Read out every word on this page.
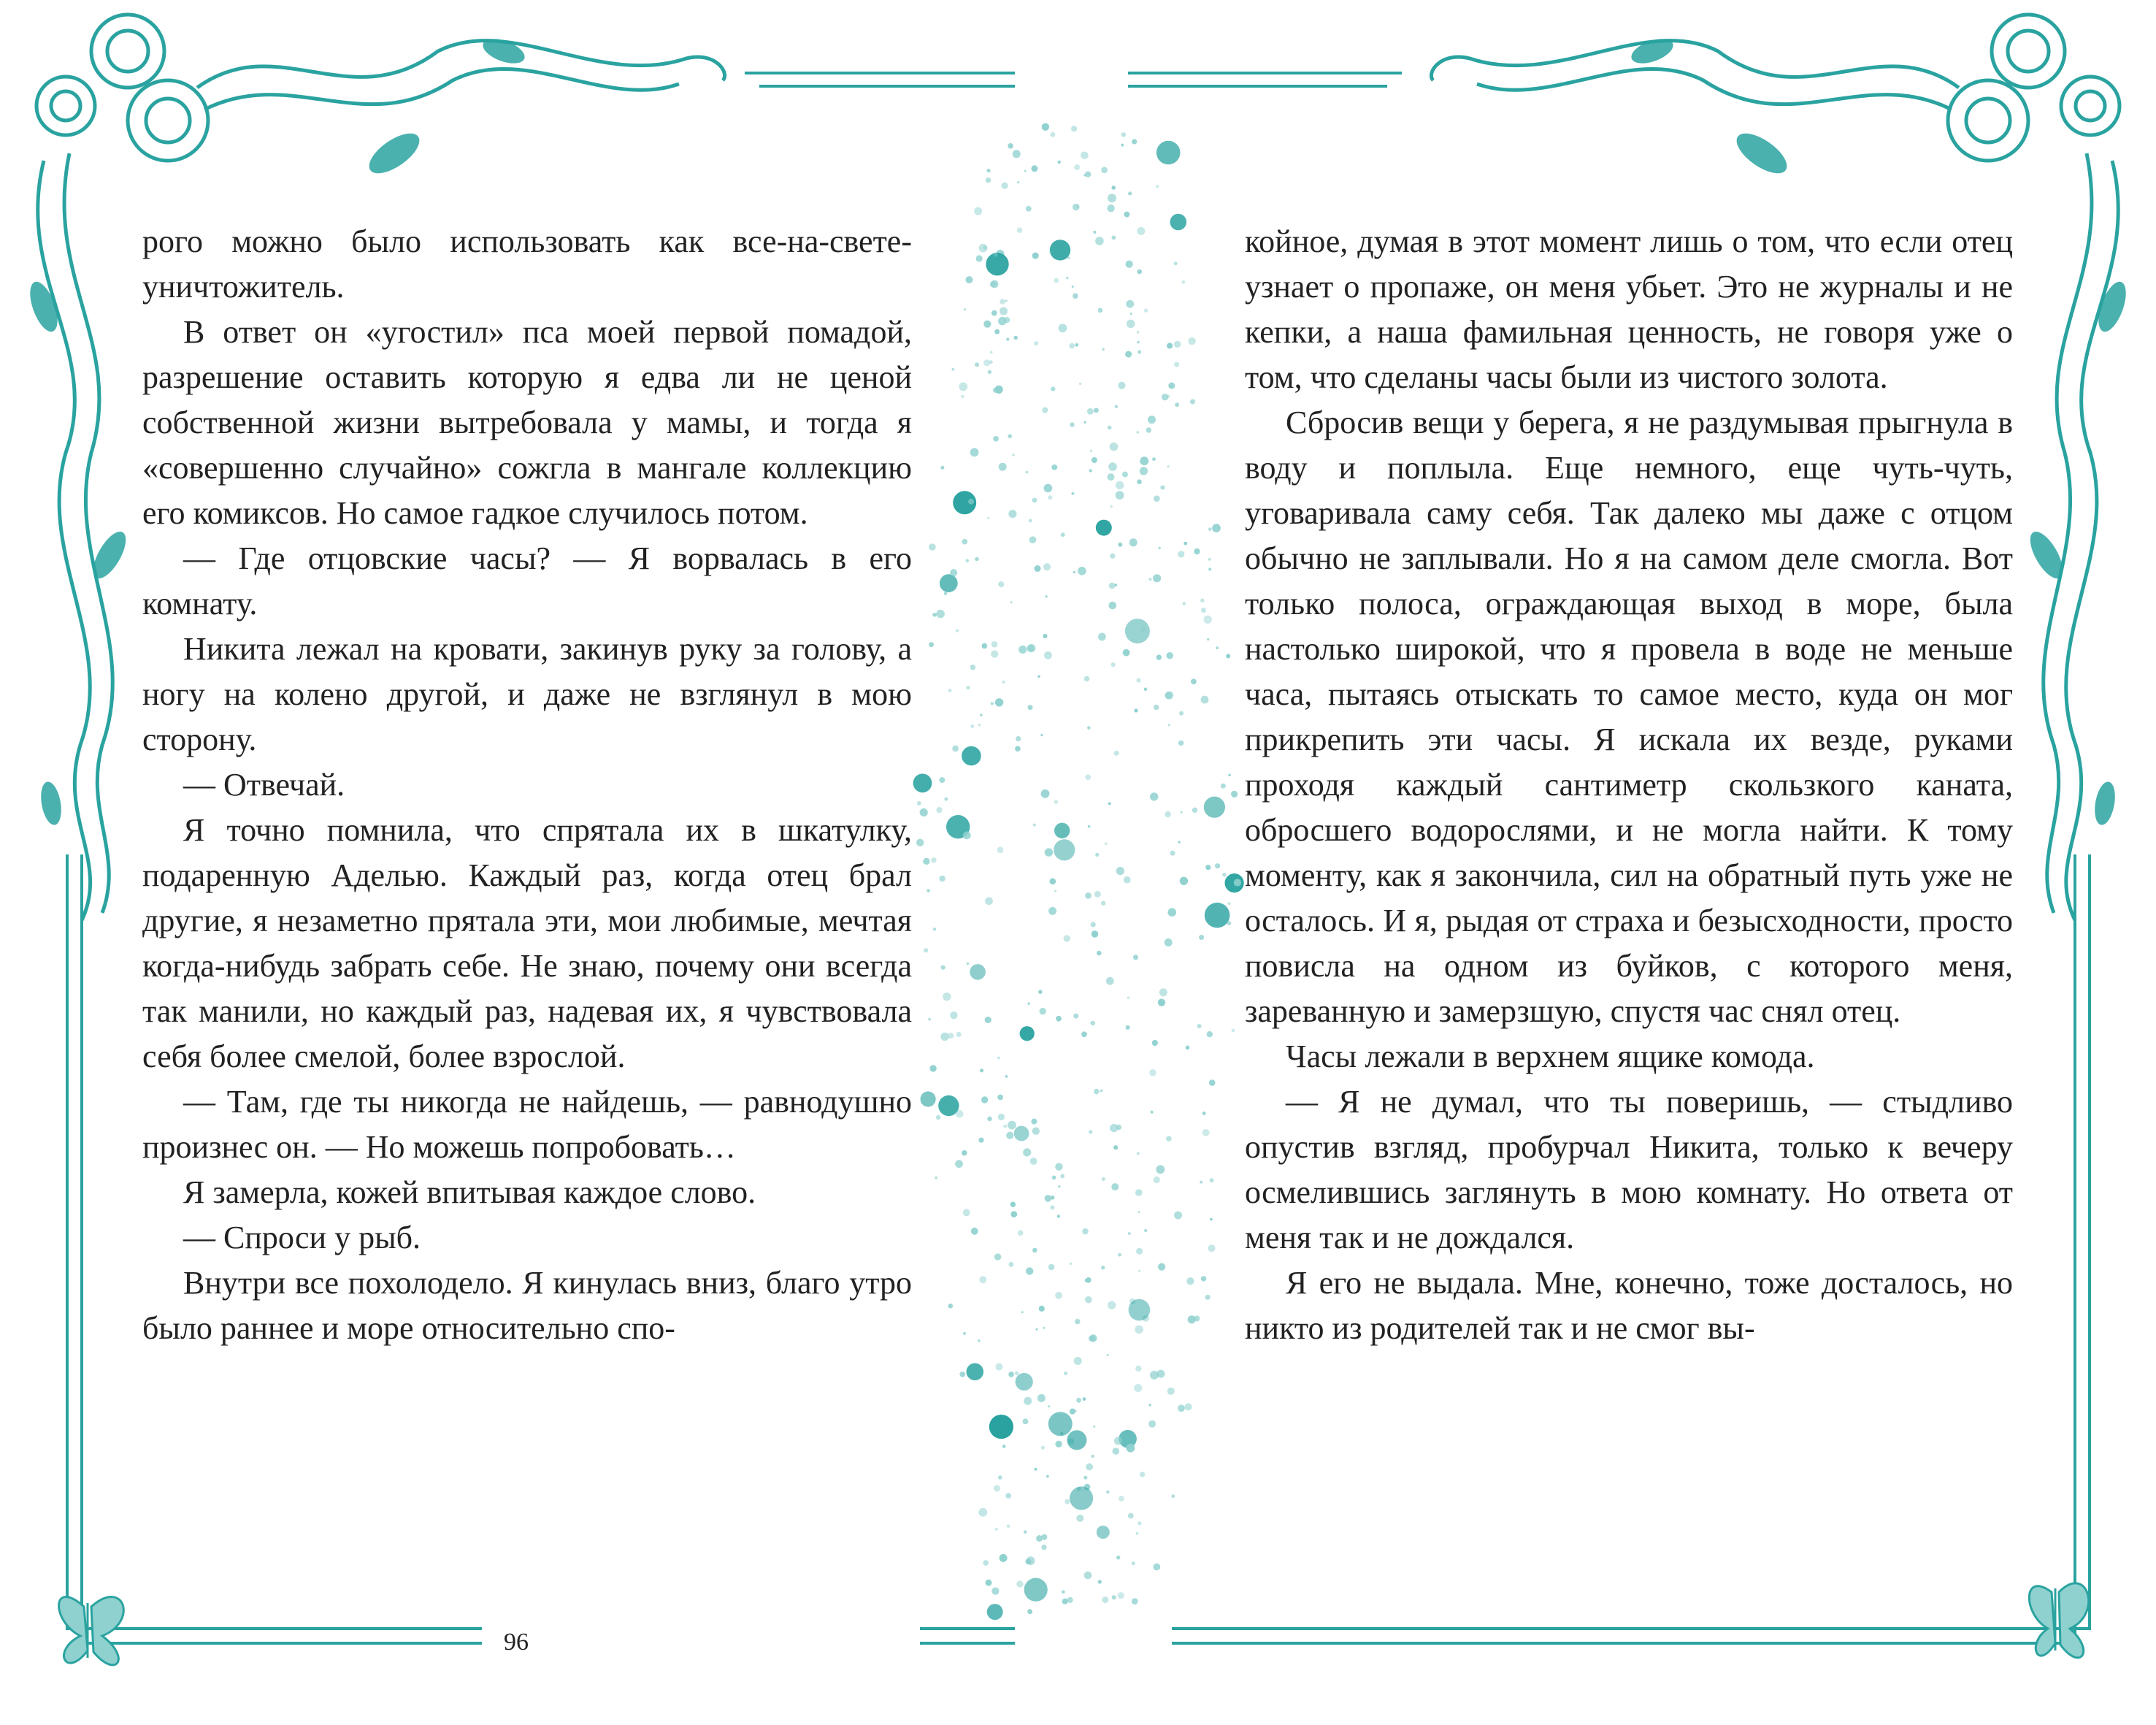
рого можно было использовать как все-на-свете-уничтожитель.

В ответ он «угостил» пса моей первой помадой, разрешение оставить которую я едва ли не ценой собственной жизни вытребовала у мамы, и тогда я «совершенно случайно» сожгла в мангале коллекцию его комиксов. Но самое гадкое случилось потом.

— Где отцовские часы? — Я ворвалась в его комнату.

Никита лежал на кровати, закинув руку за голову, а ногу на колено другой, и даже не взглянул в мою сторону.

— Отвечай.

Я точно помнила, что спрятала их в шкатулку, подаренную Аделью. Каждый раз, когда отец брал другие, я незаметно прятала эти, мои любимые, мечтая когда-нибудь забрать себе. Не знаю, почему они всегда так манили, но каждый раз, надевая их, я чувствовала себя более смелой, более взрослой.

— Там, где ты никогда не найдешь, — равнодушно произнес он. — Но можешь попробовать…

Я замерла, кожей впитывая каждое слово.

— Спроси у рыб.

Внутри все похолодело. Я кинулась вниз, благо утро было раннее и море относительно спо-

96

койное, думая в этот момент лишь о том, что если отец узнает о пропаже, он меня убьет. Это не журналы и не кепки, а наша фамильная ценность, не говоря уже о том, что сделаны часы были из чистого золота.

Сбросив вещи у берега, я не раздумывая прыгнула в воду и поплыла. Еще немного, еще чуть-чуть, уговаривала саму себя. Так далеко мы даже с отцом обычно не заплывали. Но я на самом деле смогла. Вот только полоса, ограждающая выход в море, была настолько широкой, что я провела в воде не меньше часа, пытаясь отыскать то самое место, куда он мог прикрепить эти часы. Я искала их везде, руками проходя каждый сантиметр скользкого каната, обросшего водорослями, и не могла найти. К тому моменту, как я закончила, сил на обратный путь уже не осталось. И я, рыдая от страха и безысходности, просто повисла на одном из буйков, с которого меня, зареванную и замерзшую, спустя час снял отец.

Часы лежали в верхнем ящике комода.

— Я не думал, что ты поверишь, — стыдливо опустив взгляд, пробурчал Никита, только к вечеру осмелившись заглянуть в мою комнату. Но ответа от меня так и не дождался.

Я его не выдала. Мне, конечно, тоже досталось, но никто из родителей так и не смог вы-
